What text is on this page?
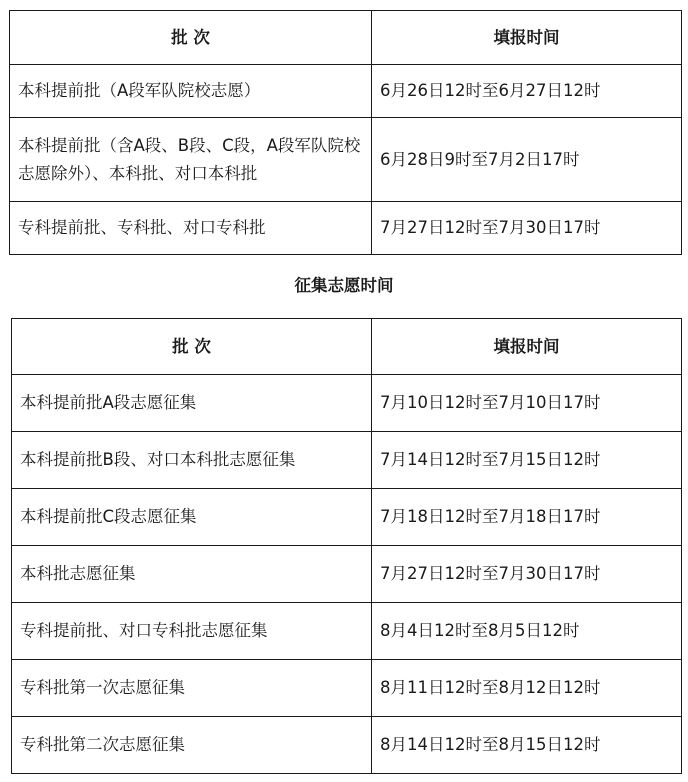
批 次	填报时间
本科提前批（A段军队院校志愿）	6月26日12时至6月27日12时
本科提前批（含A段、B段、C段，A段军队院校志愿除外）、本科批、对口本科批	6月28日9时至7月2日17时
专科提前批、专科批、对口专科批	7月27日12时至7月30日17时
征集志愿时间
批 次	填报时间
本科提前批A段志愿征集	7月10日12时至7月10日17时
本科提前批B段、对口本科批志愿征集	7月14日12时至7月15日12时
本科提前批C段志愿征集	7月18日12时至7月18日17时
本科批志愿征集	7月27日12时至7月30日17时
专科提前批、对口专科批志愿征集	8月4日12时至8月5日12时
专科批第一次志愿征集	8月11日12时至8月12日12时
专科批第二次志愿征集	8月14日12时至8月15日12时
